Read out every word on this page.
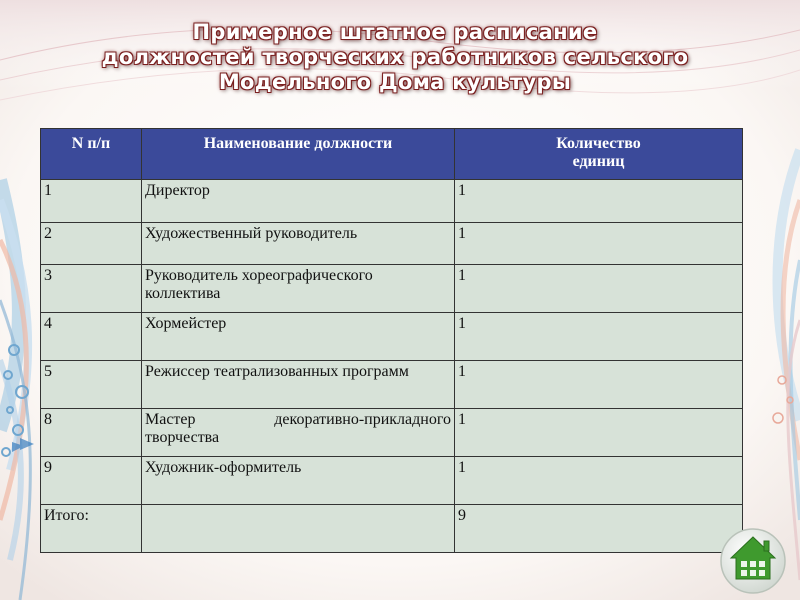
Примерное штатное расписание
должностей творческих работников сельского
Модельного Дома культуры
N п/п	Наименование должности	Количество
единиц

1	Директор	1
2	Художественный руководитель	1
3	Руководитель хореографического коллектива	1
4	Хормейстер	1
5	Режиссер театрализованных программ	1
8	Мастер декоративно-прикладного творчества	1
9	Художник-оформитель	1
Итого:		9
